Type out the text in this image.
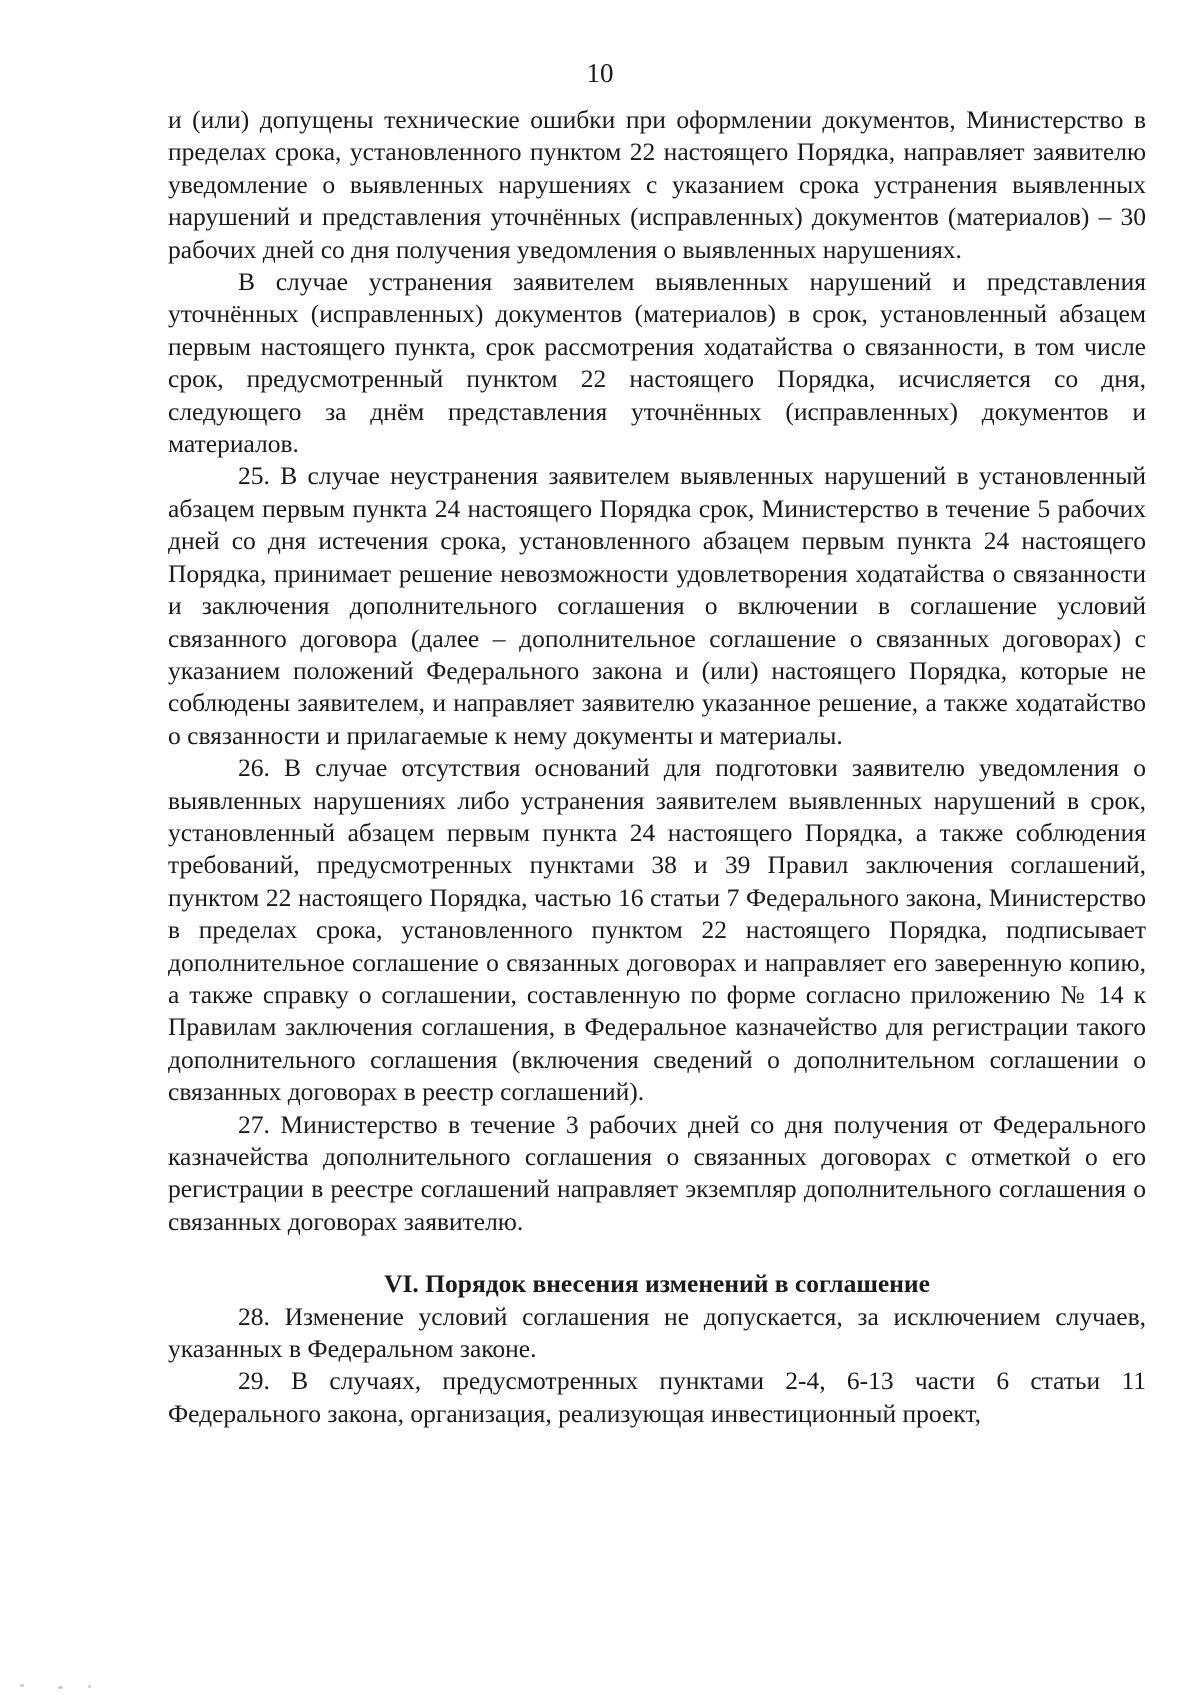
10

и (или) допущены технические ошибки при оформлении документов, Министерство в пределах срока, установленного пунктом 22 настоящего Порядка, направляет заявителю уведомление о выявленных нарушениях с указанием срока устранения выявленных нарушений и представления уточнённых (исправленных) документов (материалов) – 30 рабочих дней со дня получения уведомления о выявленных нарушениях.

В случае устранения заявителем выявленных нарушений и представления уточнённых (исправленных) документов (материалов) в срок, установленный абзацем первым настоящего пункта, срок рассмотрения ходатайства о связанности, в том числе срок, предусмотренный пунктом 22 настоящего Порядка, исчисляется со дня, следующего за днём представления уточнённых (исправленных) документов и материалов.

25. В случае неустранения заявителем выявленных нарушений в установленный абзацем первым пункта 24 настоящего Порядка срок, Министерство в течение 5 рабочих дней со дня истечения срока, установленного абзацем первым пункта 24 настоящего Порядка, принимает решение невозможности удовлетворения ходатайства о связанности и заключения дополнительного соглашения о включении в соглашение условий связанного договора (далее – дополнительное соглашение о связанных договорах) с указанием положений Федерального закона и (или) настоящего Порядка, которые не соблюдены заявителем, и направляет заявителю указанное решение, а также ходатайство о связанности и прилагаемые к нему документы и материалы.

26. В случае отсутствия оснований для подготовки заявителю уведомления о выявленных нарушениях либо устранения заявителем выявленных нарушений в срок, установленный абзацем первым пункта 24 настоящего Порядка, а также соблюдения требований, предусмотренных пунктами 38 и 39 Правил заключения соглашений, пунктом 22 настоящего Порядка, частью 16 статьи 7 Федерального закона, Министерство в пределах срока, установленного пунктом 22 настоящего Порядка, подписывает дополнительное соглашение о связанных договорах и направляет его заверенную копию, а также справку о соглашении, составленную по форме согласно приложению № 14 к Правилам заключения соглашения, в Федеральное казначейство для регистрации такого дополнительного соглашения (включения сведений о дополнительном соглашении о связанных договорах в реестр соглашений).

27. Министерство в течение 3 рабочих дней со дня получения от Федерального казначейства дополнительного соглашения о связанных договорах с отметкой о его регистрации в реестре соглашений направляет экземпляр дополнительного соглашения о связанных договорах заявителю.

VI. Порядок внесения изменений в соглашение

28. Изменение условий соглашения не допускается, за исключением случаев, указанных в Федеральном законе.

29. В случаях, предусмотренных пунктами 2-4, 6-13 части 6 статьи 11 Федерального закона, организация, реализующая инвестиционный проект,
